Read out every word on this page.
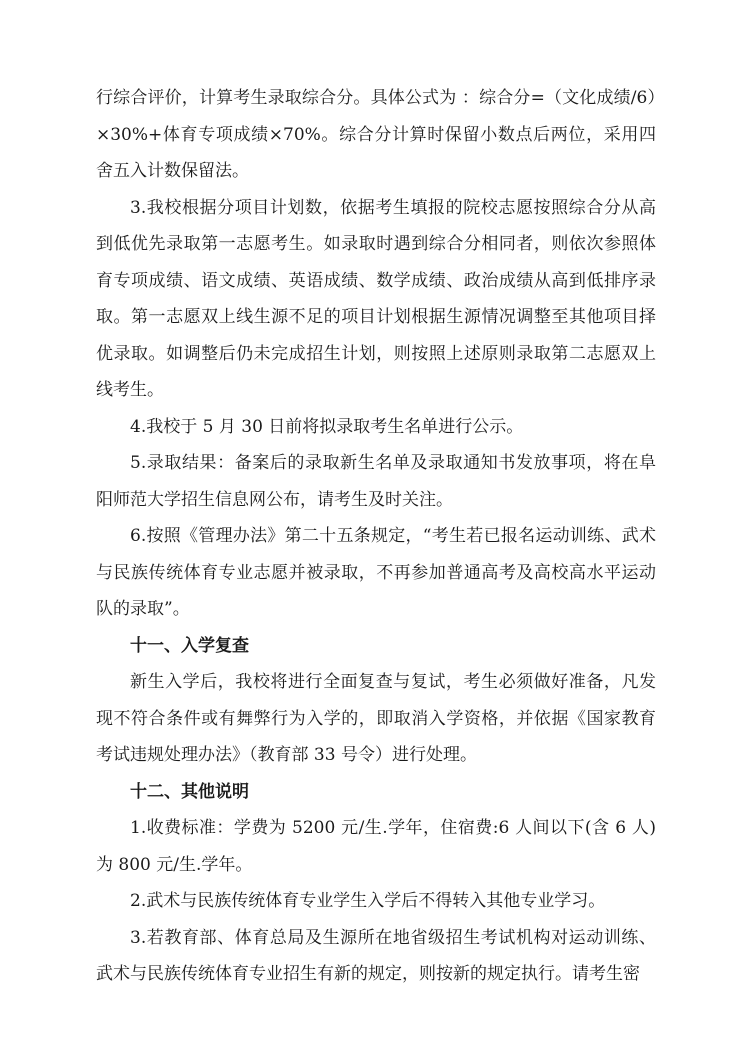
行综合评价，计算考生录取综合分。具体公式为 ：综合分=（文化成绩/6）×30%+体育专项成绩×70%。综合分计算时保留小数点后两位，采用四舍五入计数保留法。

3.我校根据分项目计划数，依据考生填报的院校志愿按照综合分从高到低优先录取第一志愿考生。如录取时遇到综合分相同者，则依次参照体育专项成绩、语文成绩、英语成绩、数学成绩、政治成绩从高到低排序录取。第一志愿双上线生源不足的项目计划根据生源情况调整至其他项目择优录取。如调整后仍未完成招生计划，则按照上述原则录取第二志愿双上线考生。

4.我校于 5 月 30 日前将拟录取考生名单进行公示。

5.录取结果：备案后的录取新生名单及录取通知书发放事项，将在阜阳师范大学招生信息网公布，请考生及时关注。

6.按照《管理办法》第二十五条规定，“考生若已报名运动训练、武术与民族传统体育专业志愿并被录取，不再参加普通高考及高校高水平运动队的录取”。

十一、入学复查

新生入学后，我校将进行全面复查与复试，考生必须做好准备，凡发现不符合条件或有舞弊行为入学的，即取消入学资格，并依据《国家教育考试违规处理办法》（教育部 33 号令）进行处理。

十二、其他说明

1.收费标准：学费为 5200 元/生.学年，住宿费:6 人间以下(含 6 人)为 800 元/生.学年。

2.武术与民族传统体育专业学生入学后不得转入其他专业学习。

3.若教育部、体育总局及生源所在地省级招生考试机构对运动训练、武术与民族传统体育专业招生有新的规定，则按新的规定执行。请考生密
